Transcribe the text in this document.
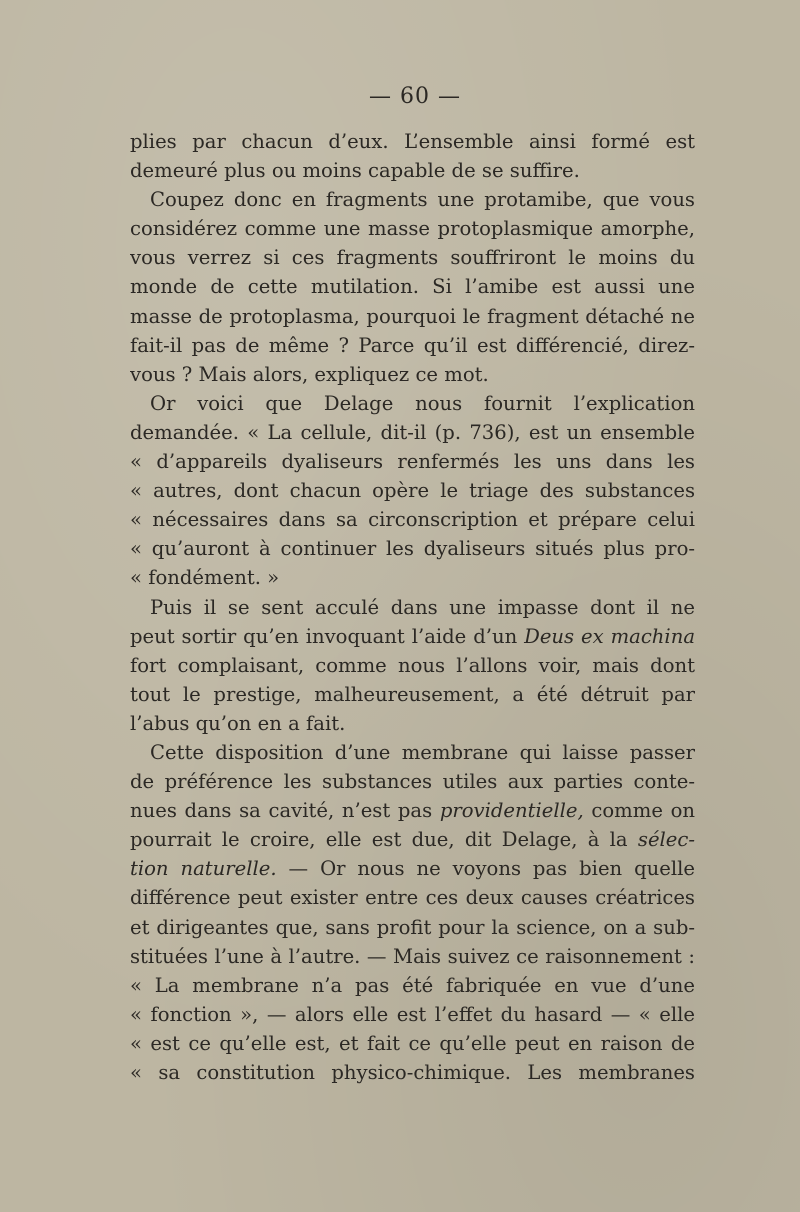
— 60 —
plies par chacun d’eux. L’ensemble ainsi formé est
demeuré plus ou moins capable de se suffire.
Coupez donc en fragments une protamibe, que vous
considérez comme une masse protoplasmique amorphe,
vous verrez si ces fragments souffriront le moins du
monde de cette mutilation. Si l’amibe est aussi une
masse de protoplasma, pourquoi le fragment détaché ne
fait-il pas de même ? Parce qu’il est différencié, direz-
vous ? Mais alors, expliquez ce mot.
Or voici que Delage nous fournit l’explication
demandée. « La cellule, dit-il (p. 736), est un ensemble
« d’appareils dyaliseurs renfermés les uns dans les
« autres, dont chacun opère le triage des substances
« nécessaires dans sa circonscription et prépare celui
« qu’auront à continuer les dyaliseurs situés plus pro-
« fondément. »
Puis il se sent acculé dans une impasse dont il ne
peut sortir qu’en invoquant l’aide d’un Deus ex machina
fort complaisant, comme nous l’allons voir, mais dont
tout le prestige, malheureusement, a été détruit par
l’abus qu’on en a fait.
Cette disposition d’une membrane qui laisse passer
de préférence les substances utiles aux parties conte-
nues dans sa cavité, n’est pas providentielle, comme on
pourrait le croire, elle est due, dit Delage, à la sélec-
tion naturelle. — Or nous ne voyons pas bien quelle
différence peut exister entre ces deux causes créatrices
et dirigeantes que, sans profit pour la science, on a sub-
stituées l’une à l’autre. — Mais suivez ce raisonnement :
« La membrane n’a pas été fabriquée en vue d’une
« fonction », — alors elle est l’effet du hasard — « elle
« est ce qu’elle est, et fait ce qu’elle peut en raison de
« sa constitution physico-chimique. Les membranes
